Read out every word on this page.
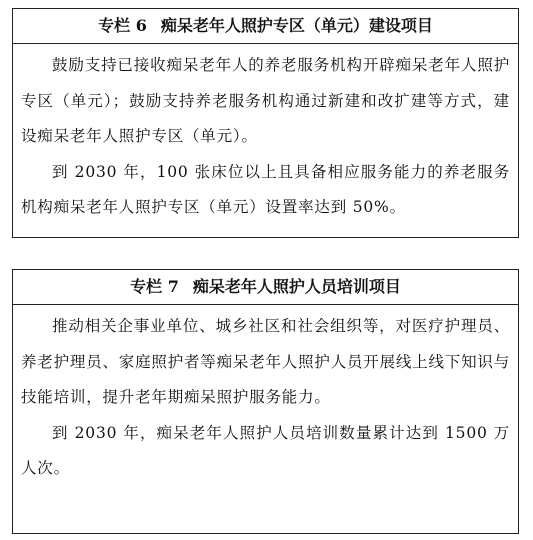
专栏 6 痴呆老年人照护专区（单元）建设项目

鼓励支持已接收痴呆老年人的养老服务机构开辟痴呆老年人照护专区（单元）；鼓励支持养老服务机构通过新建和改扩建等方式，建设痴呆老年人照护专区（单元）。

到 2030 年，100 张床位以上且具备相应服务能力的养老服务机构痴呆老年人照护专区（单元）设置率达到 50%。

专栏 7 痴呆老年人照护人员培训项目

推动相关企事业单位、城乡社区和社会组织等，对医疗护理员、养老护理员、家庭照护者等痴呆老年人照护人员开展线上线下知识与技能培训，提升老年期痴呆照护服务能力。

到 2030 年，痴呆老年人照护人员培训数量累计达到 1500 万人次。
